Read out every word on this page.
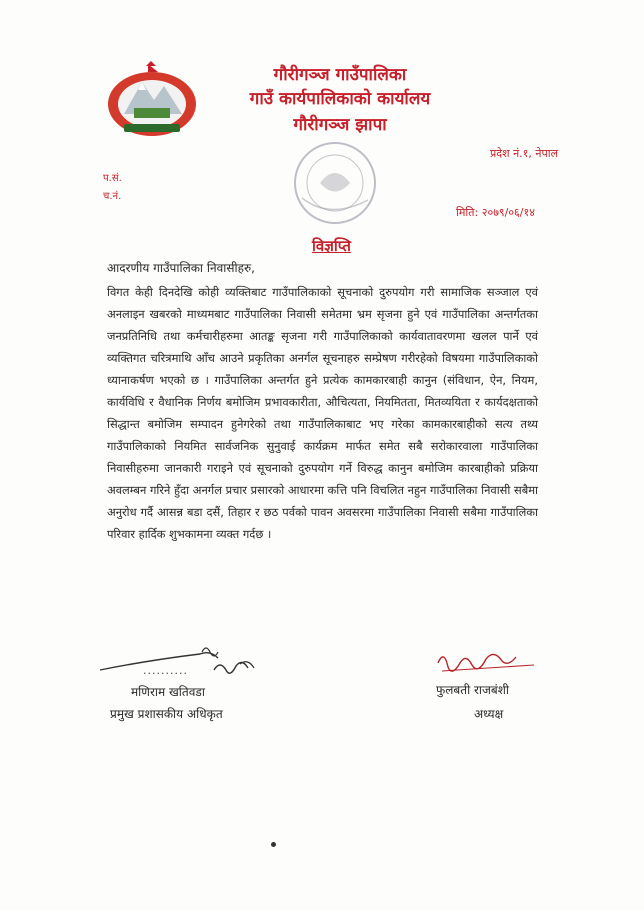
गौरीगञ्ज गाउँपालिका
गाउँ कार्यपालिकाको कार्यालय
गौरीगञ्ज झापा
प्रदेश नं.१, नेपाल
प.सं.
च.नं.
मिति: २०७९/०६/१४
विज्ञप्ति
आदरणीय गाउँपालिका निवासीहरु,

विगत केही दिनदेखि कोही व्यक्तिबाट गाउँपालिकाको सूचनाको दुरुपयोग गरी सामाजिक सञ्जाल एवं अनलाइन खबरको माध्यमबाट गाउँपालिका निवासी समेतमा भ्रम सृजना हुने एवं गाउँपालिका अन्तर्गतका जनप्रतिनिधि तथा कर्मचारीहरुमा आतङ्क सृजना गरी गाउँपालिकाको कार्यवातावरणमा खलल पार्ने एवं व्यक्तिगत चरित्रमाथि आँच आउने प्रकृतिका अनर्गल सूचनाहरु सम्प्रेषण गरीरहेको विषयमा गाउँपालिकाको ध्यानाकर्षण भएको छ । गाउँपालिका अन्तर्गत हुने प्रत्येक कामकारबाही कानुन (संविधान, ऐन, नियम, कार्यविधि र वैधानिक निर्णय बमोजिम प्रभावकारीता, औचित्यता, नियमितता, मितव्ययिता र कार्यदक्षताको सिद्धान्त बमोजिम सम्पादन हुनेगरेको तथा गाउँपालिकाबाट भए गरेका कामकारबाहीको सत्य तथ्य गाउँपालिकाको नियमित सार्वजनिक सुनुवाई कार्यक्रम मार्फत समेत सबै सरोकारवाला गाउँपालिका निवासीहरुमा जानकारी गराइने एवं सूचनाको दुरुपयोग गर्ने विरुद्ध कानुन बमोजिम कारबाहीको प्रक्रिया अवलम्बन गरिने हुँदा अनर्गल प्रचार प्रसारको आधारमा कत्ति पनि विचलित नहुन गाउँपालिका निवासी सबैमा अनुरोध गर्दै आसन्न बडा दसैं, तिहार र छठ पर्वको पावन अवसरमा गाउँपालिका निवासी सबैमा गाउँपालिका परिवार हार्दिक शुभकामना व्यक्त गर्दछ ।

..........
मणिराम खतिवडा
प्रमुख प्रशासकीय अधिकृत
फुलबती राजबंशी
अध्यक्ष
